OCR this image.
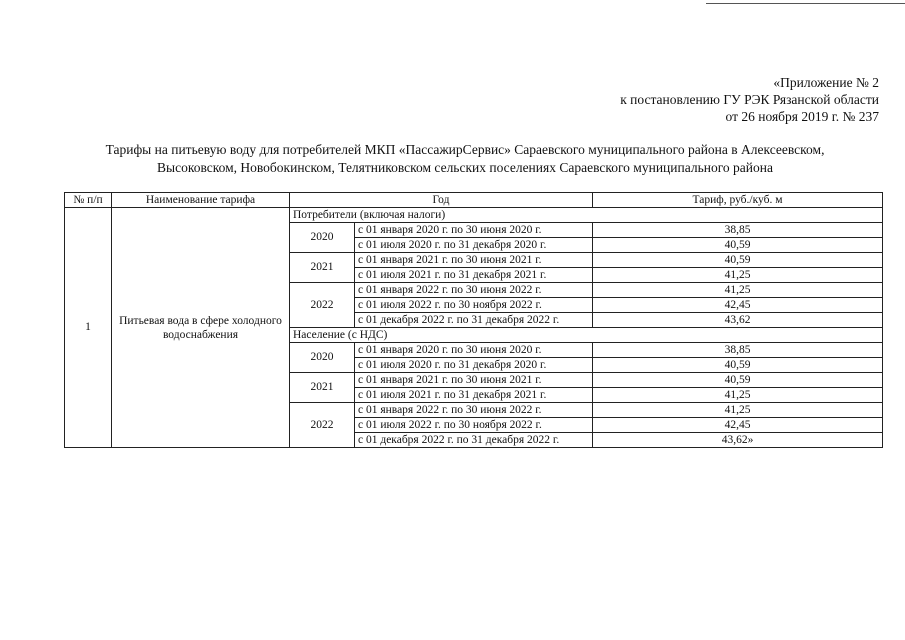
«Приложение № 2
к постановлению ГУ РЭК Рязанской области
от 26 ноября 2019 г. № 237
Тарифы на питьевую воду для потребителей МКП «ПассажирСервис» Сараевского муниципального района в Алексеевском,
Высоковском, Новобокинском, Телятниковском сельских поселениях Сараевского муниципального района
№ п/п	Наименование тарифа	Год		Тариф, руб./куб. м
1	Питьевая вода в сфере холодного водоснабжения	Потребители (включая налоги)		
		2020	с 01 января 2020 г. по 30 июня 2020 г.	38,85
			с 01 июля 2020 г. по 31 декабря 2020 г.	40,59
		2021	с 01 января 2021 г. по 30 июня 2021 г.	40,59
			с 01 июля 2021 г. по 31 декабря 2021 г.	41,25
		2022	с 01 января 2022 г. по 30 июня 2022 г.	41,25
			с 01 июля 2022 г. по 30 ноября 2022 г.	42,45
			с 01 декабря 2022 г. по 31 декабря 2022 г.	43,62
		Население (с НДС)		
		2020	с 01 января 2020 г. по 30 июня 2020 г.	38,85
			с 01 июля 2020 г. по 31 декабря 2020 г.	40,59
		2021	с 01 января 2021 г. по 30 июня 2021 г.	40,59
			с 01 июля 2021 г. по 31 декабря 2021 г.	41,25
		2022	с 01 января 2022 г. по 30 июня 2022 г.	41,25
			с 01 июля 2022 г. по 30 ноября 2022 г.	42,45
			с 01 декабря 2022 г. по 31 декабря 2022 г.	43,62»
